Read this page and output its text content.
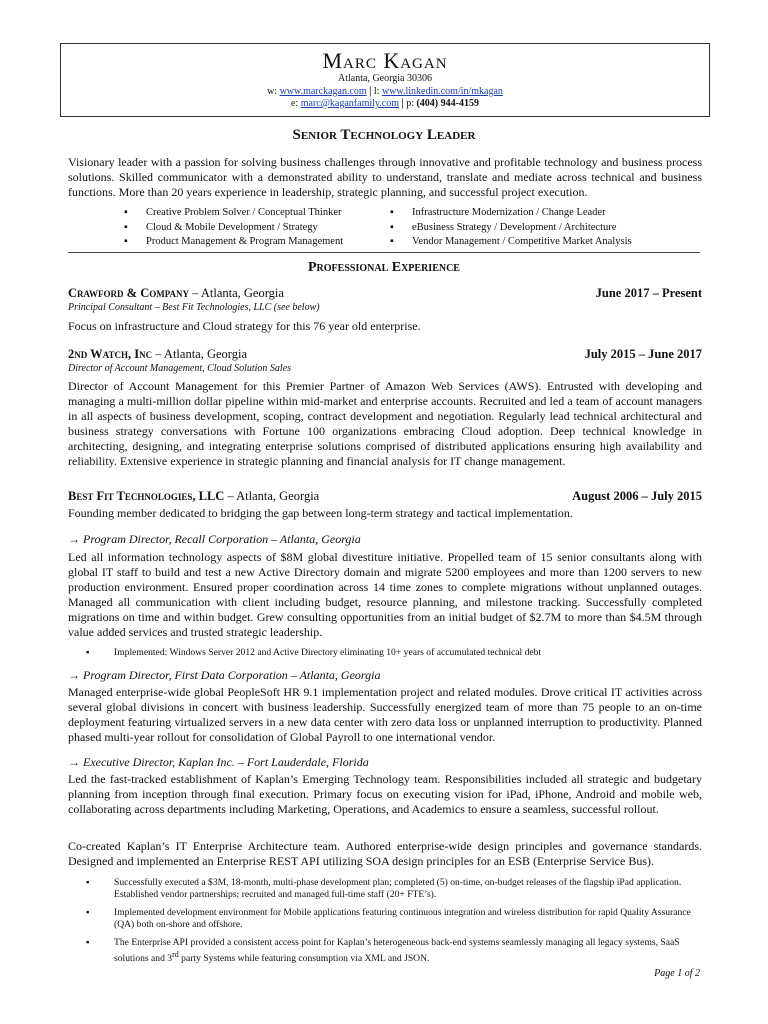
Marc Kagan
Atlanta, Georgia 30306
w: www.marckagan.com | l: www.linkedin.com/in/mkagan
e: marc@kaganfamily.com | p: (404) 944-4159
Senior Technology Leader
Visionary leader with a passion for solving business challenges through innovative and profitable technology and business process solutions. Skilled communicator with a demonstrated ability to understand, translate and mediate across technical and business functions. More than 20 years experience in leadership, strategic planning, and successful project execution.
▪ Creative Problem Solver / Conceptual Thinker
▪ Cloud & Mobile Development / Strategy
▪ Product Management & Program Management
▪ Infrastructure Modernization / Change Leader
▪ eBusiness Strategy / Development / Architecture
▪ Vendor Management / Competitive Market Analysis
Professional Experience
Crawford & Company – Atlanta, Georgia	June 2017 – Present
Principal Consultant – Best Fit Technologies, LLC (see below)
Focus on infrastructure and Cloud strategy for this 76 year old enterprise.
2nd Watch, Inc – Atlanta, Georgia	July 2015 – June 2017
Director of Account Management, Cloud Solution Sales
Director of Account Management for this Premier Partner of Amazon Web Services (AWS). Entrusted with developing and managing a multi-million dollar pipeline within mid-market and enterprise accounts. Recruited and led a team of account managers in all aspects of business development, scoping, contract development and negotiation. Regularly lead technical architectural and business strategy conversations with Fortune 100 organizations embracing Cloud adoption. Deep technical knowledge in architecting, designing, and integrating enterprise solutions comprised of distributed applications ensuring high availability and reliability. Extensive experience in strategic planning and financial analysis for IT change management.
Best Fit Technologies, LLC – Atlanta, Georgia	August 2006 – July 2015
Founding member dedicated to bridging the gap between long-term strategy and tactical implementation.
→ Program Director, Recall Corporation – Atlanta, Georgia
Led all information technology aspects of $8M global divestiture initiative. Propelled team of 15 senior consultants along with global IT staff to build and test a new Active Directory domain and migrate 5200 employees and more than 1200 servers to new production environment. Ensured proper coordination across 14 time zones to complete migrations without unplanned outages. Managed all communication with client including budget, resource planning, and milestone tracking. Successfully completed migrations on time and within budget. Grew consulting opportunities from an initial budget of $2.7M to more than $4.5M through value added services and trusted strategic leadership.
▪	Implemented: Windows Server 2012 and Active Directory eliminating 10+ years of accumulated technical debt
→ Program Director, First Data Corporation – Atlanta, Georgia
Managed enterprise-wide global PeopleSoft HR 9.1 implementation project and related modules. Drove critical IT activities across several global divisions in concert with business leadership. Successfully energized team of more than 75 people to an on-time deployment featuring virtualized servers in a new data center with zero data loss or unplanned interruption to productivity. Planned phased multi-year rollout for consolidation of Global Payroll to one international vendor.
→ Executive Director, Kaplan Inc. – Fort Lauderdale, Florida
Led the fast-tracked establishment of Kaplan’s Emerging Technology team. Responsibilities included all strategic and budgetary planning from inception through final execution. Primary focus on executing vision for iPad, iPhone, Android and mobile web, collaborating across departments including Marketing, Operations, and Academics to ensure a seamless, successful rollout.
Co-created Kaplan’s IT Enterprise Architecture team. Authored enterprise-wide design principles and governance standards. Designed and implemented an Enterprise REST API utilizing SOA design principles for an ESB (Enterprise Service Bus).
▪	Successfully executed a $3M, 18-month, multi-phase development plan; completed (5) on-time, on-budget releases of the flagship iPad application. Established vendor partnerships; recruited and managed full-time staff (20+ FTE’s).
▪	Implemented development environment for Mobile applications featuring continuous integration and wireless distribution for rapid Quality Assurance (QA) both on-shore and offshore.
▪	The Enterprise API provided a consistent access point for Kaplan’s heterogeneous back-end systems seamlessly managing all legacy systems, SaaS solutions and 3rd party Systems while featuring consumption via XML and JSON.
Page 1 of 2
